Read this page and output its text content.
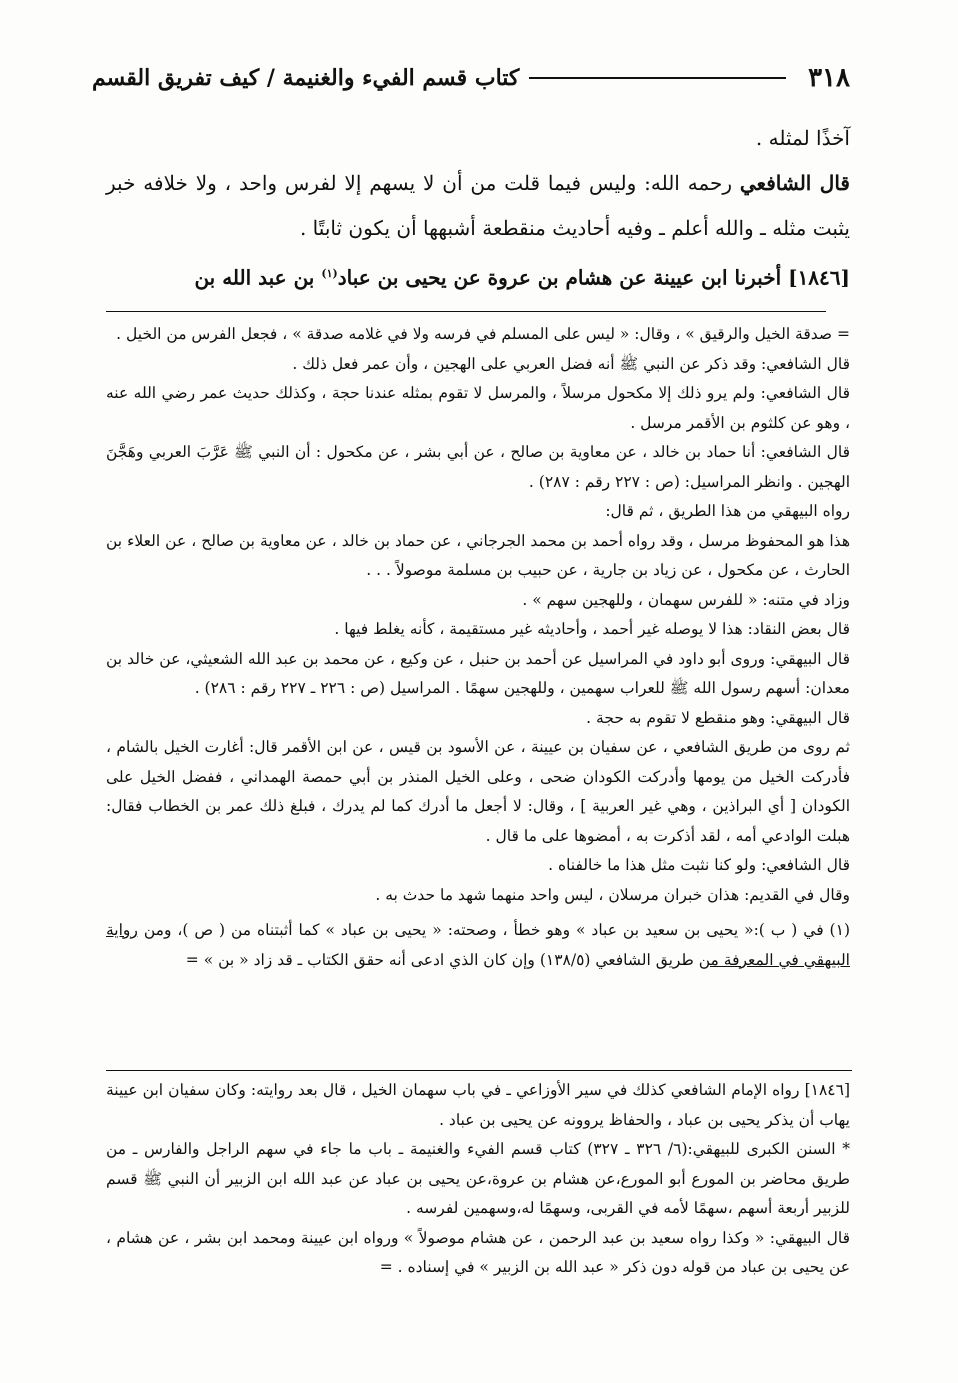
٣١٨
كتاب قسم الفيء والغنيمة / كيف تفريق القسم

آخذًا لمثله .

قال الشافعي رحمه الله: وليس فيما قلت من أن لا يسهم إلا لفرس واحد ، ولا خلافه خبر يثبت مثله ـ والله أعلم ـ وفيه أحاديث منقطعة أشبهها أن يكون ثابتًا .

[١٨٤٦] أخبرنا ابن عيينة عن هشام بن عروة عن يحيى بن عباد$^{(١)}$ بن عبد الله بن

= صدقة الخيل والرقيق » ، وقال: « ليس على المسلم في فرسه ولا في غلامه صدقة » ، فجعل الفرس من الخيل .

قال الشافعي: وقد ذكر عن النبي ﷺ أنه فضل العربي على الهجين ، وأن عمر فعل ذلك .

قال الشافعي: ولم يرو ذلك إلا مكحول مرسلاً ، والمرسل لا تقوم بمثله عندنا حجة ، وكذلك حديث عمر رضي الله عنه ، وهو عن كلثوم بن الأقمر مرسل .

قال الشافعي: أنا حماد بن خالد ، عن معاوية بن صالح ، عن أبي بشر ، عن مكحول : أن النبي ﷺ عَرَّبَ العربي وهَجَّنَ الهجين . وانظر المراسيل: (ص : ٢٢٧ رقم : ٢٨٧) .

رواه البيهقي من هذا الطريق ، ثم قال:

هذا هو المحفوظ مرسل ، وقد رواه أحمد بن محمد الجرجاني ، عن حماد بن خالد ، عن معاوية بن صالح ، عن العلاء بن الحارث ، عن مكحول ، عن زياد بن جارية ، عن حبيب بن مسلمة موصولاً . . .

وزاد في متنه: « للفرس سهمان ، وللهجين سهم » .

قال بعض النقاد: هذا لا يوصله غير أحمد ، وأحاديثه غير مستقيمة ، كأنه يغلط فيها .

قال البيهقي: وروى أبو داود في المراسيل عن أحمد بن حنبل ، عن وكيع ، عن محمد بن عبد الله الشعيثي، عن خالد بن معدان: أسهم رسول الله ﷺ للعراب سهمين ، وللهجين سهمًا . المراسيل (ص : ٢٢٦ ـ ٢٢٧ رقم : ٢٨٦) .

قال البيهقي: وهو منقطع لا تقوم به حجة .

ثم روى من طريق الشافعي ، عن سفيان بن عيينة ، عن الأسود بن قيس ، عن ابن الأقمر قال: أغارت الخيل بالشام ، فأدركت الخيل من يومها وأدركت الكودان ضحى ، وعلى الخيل المنذر بن أبي حمصة الهمداني ، ففضل الخيل على الكودان [ أي البراذين ، وهي غير العربية ] ، وقال: لا أجعل ما أدرك كما لم يدرك ، فبلغ ذلك عمر بن الخطاب فقال: هبلت الوادعي أمه ، لقد أذكرت به ، أمضوها على ما قال .

قال الشافعي: ولو كنا نثبت مثل هذا ما خالفناه .

وقال في القديم: هذان خبران مرسلان ، ليس واحد منهما شهد ما حدث به .

(١) في ( ب ):« يحيى بن سعيد بن عباد » وهو خطأ ، وصحته: « يحيى بن عباد » كما أثبتناه من ( ص )، ومن رواية البيهقي في المعرفة من طريق الشافعي (١٣٨/٥) وإن كان الذي ادعى أنه حقق الكتاب ـ قد زاد « بن » =

[١٨٤٦] رواه الإمام الشافعي كذلك في سير الأوزاعي ـ في باب سهمان الخيل ، قال بعد روايته: وكان سفيان ابن عيينة يهاب أن يذكر يحيى بن عباد ، والحفاظ يروونه عن يحيى بن عباد .

* السنن الكبرى للبيهقي:(٦/ ٣٢٦ ـ ٣٢٧) كتاب قسم الفيء والغنيمة ـ باب ما جاء في سهم الراجل والفارس ـ من طريق محاضر بن المورع أبو المورع،عن هشام بن عروة،عن يحيى بن عباد عن عبد الله ابن الزبير أن النبي ﷺ قسم للزبير أربعة أسهم ،سهمًا لأمه في القربى، وسهمًا له،وسهمين لفرسه .

قال البيهقي: « وكذا رواه سعيد بن عبد الرحمن ، عن هشام موصولاً » ورواه ابن عيينة ومحمد ابن بشر ، عن هشام ، عن يحيى بن عباد من قوله دون ذكر « عبد الله بن الزبير » في إسناده . =
